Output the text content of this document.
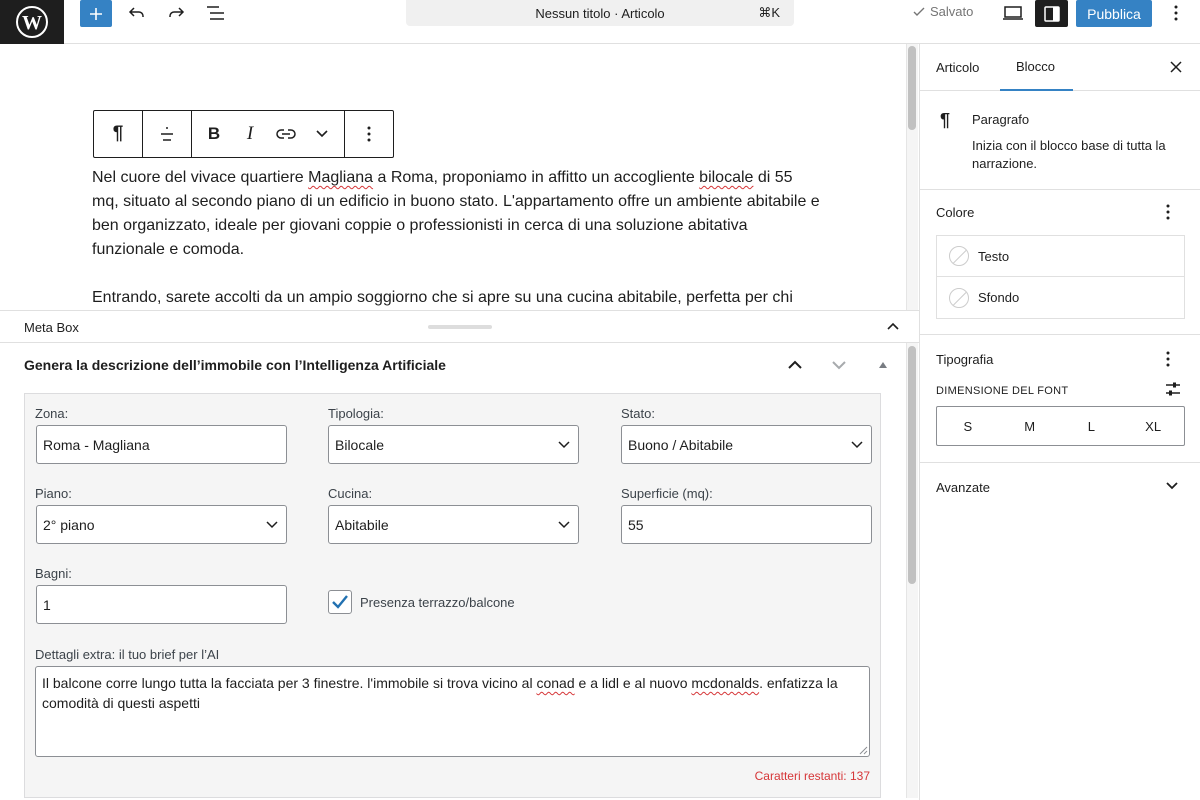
W	Nessun titolo · Articolo	⌘K	Salvato	Pubblica
¶	B	I

Nel cuore del vivace quartiere Magliana a Roma, proponiamo in affitto un accogliente bilocale di 55 mq, situato al secondo piano di un edificio in buono stato. L'appartamento offre un ambiente abitabile e ben organizzato, ideale per giovani coppie o professionisti in cerca di una soluzione abitativa funzionale e comoda.

Entrando, sarete accolti da un ampio soggiorno che si apre su una cucina abitabile, perfetta per chi

Meta Box
Genera la descrizione dell’immobile con l’Intelligenza Artificiale
Zona:
Roma - Magliana
Tipologia:
Bilocale
Stato:
Buono / Abitabile
Piano:
2° piano
Cucina:
Abitabile
Superficie (mq):
55
Bagni:
1	Presenza terrazzo/balcone
Dettagli extra: il tuo brief per l’AI
Il balcone corre lungo tutta la facciata per 3 finestre. l'immobile si trova vicino al conad e a lidl e al nuovo mcdonalds. enfatizza la comodità di questi aspetti
Caratteri restanti: 137
Articolo	Blocco
¶ Paragrafo
Inizia con il blocco base di tutta la narrazione.
Colore
Testo
Sfondo
Tipografia
DIMENSIONE DEL FONT
S	M	L	XL
Avanzate
